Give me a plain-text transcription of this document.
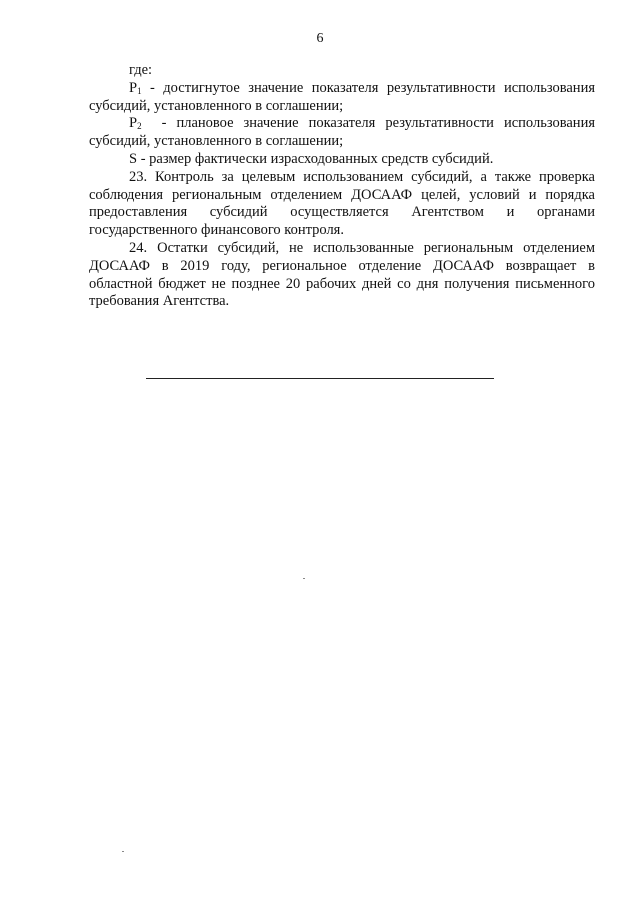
6

где:

$P_1$ - достигнутое значение показателя результативности использования субсидий, установленного в соглашении;

$P_2$  - плановое значение показателя результативности использования субсидий, установленного в соглашении;

S - размер фактически израсходованных средств субсидий.

23. Контроль за целевым использованием субсидий, а также проверка соблюдения региональным отделением ДОСААФ целей, условий и порядка предоставления субсидий осуществляется Агентством и органами государственного финансового контроля.

24. Остатки субсидий, не использованные региональным отделением ДОСААФ в 2019 году, региональное отделение ДОСААФ возвращает в областной бюджет не позднее 20 рабочих дней со дня получения письменного требования Агентства.
